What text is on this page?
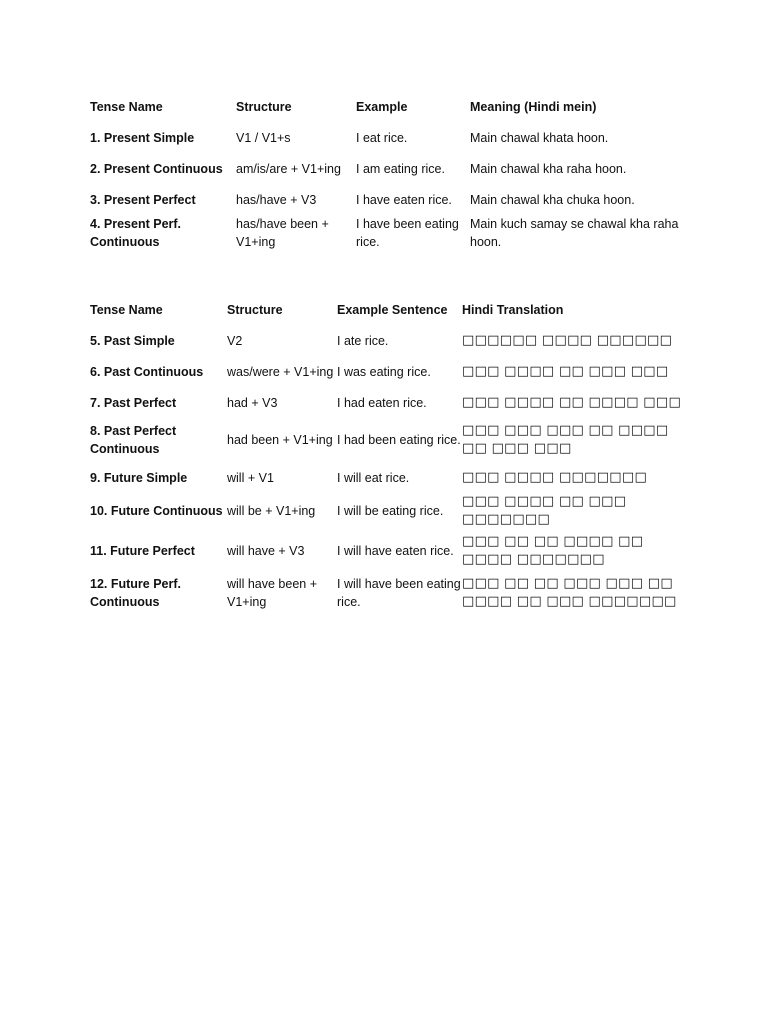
Tense Name	Structure	Example	Meaning (Hindi mein)
1. Present Simple	V1 / V1+s	I eat rice.	Main chawal khata hoon.
2. Present Continuous	am/is/are + V1+ing	I am eating rice.	Main chawal kha raha hoon.
3. Present Perfect	has/have + V3	I have eaten rice.	Main chawal kha chuka hoon.
4. Present Perf. Continuous	has/have been + V1+ing	I have been eating rice.	Main kuch samay se chawal kha raha hoon.
Tense Name	Structure	Example Sentence	Hindi Translation
5. Past Simple	V2	I ate rice.	□□□□□□ □□□□ □□□□□□
6. Past Continuous	was/were + V1+ing	I was eating rice.	□□□ □□□□ □□ □□□ □□□
7. Past Perfect	had + V3	I had eaten rice.	□□□ □□□□ □□ □□□□ □□□
8. Past Perfect Continuous	had been + V1+ing	I had been eating rice.	□□□ □□□ □□□ □□ □□□□ □□ □□□ □□□
9. Future Simple	will + V1	I will eat rice.	□□□ □□□□ □□□□□□□
10. Future Continuous	will be + V1+ing	I will be eating rice.	□□□ □□□□ □□ □□□ □□□□□□□
11. Future Perfect	will have + V3	I will have eaten rice.	□□□ □□ □□ □□□□ □□ □□□□ □□□□□□□
12. Future Perf. Continuous	will have been + V1+ing	I will have been eating rice.	□□□ □□ □□ □□□ □□□ □□ □□□□ □□ □□□ □□□□□□□
